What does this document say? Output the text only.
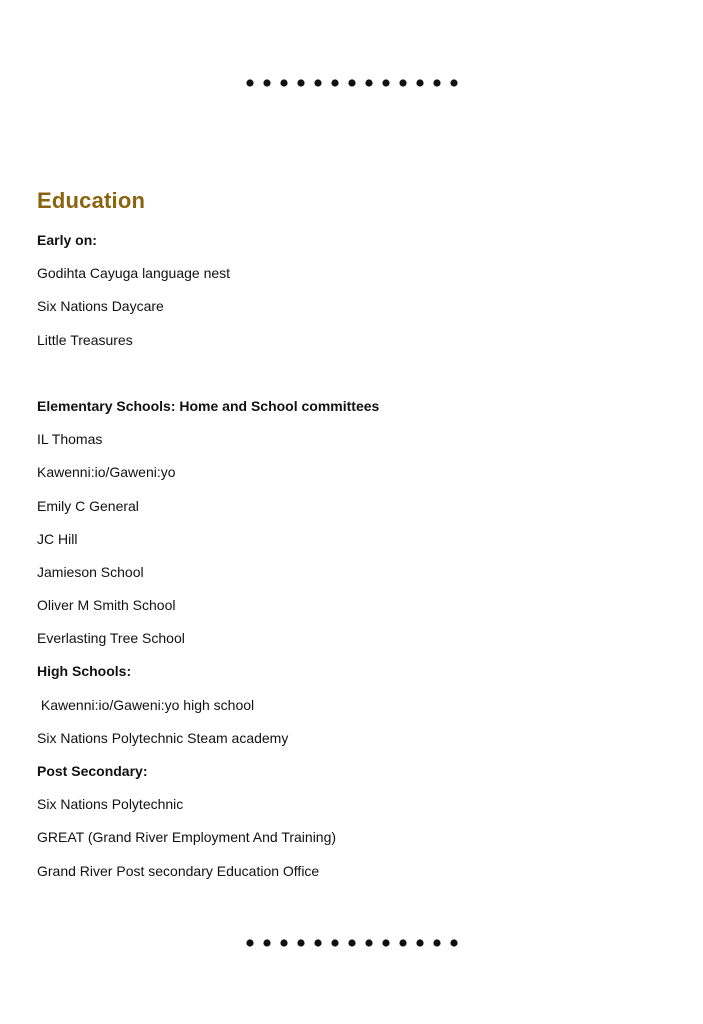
Education
Early on:
Godihta Cayuga language nest
Six Nations Daycare
Little Treasures
Elementary Schools: Home and School committees
IL Thomas
Kawenni:io/Gaweni:yo
Emily C General
JC Hill
Jamieson School
Oliver M Smith School
Everlasting Tree School
High Schools:
Kawenni:io/Gaweni:yo high school
Six Nations Polytechnic Steam academy
Post Secondary:
Six Nations Polytechnic
GREAT (Grand River Employment And Training)
Grand River Post secondary Education Office
